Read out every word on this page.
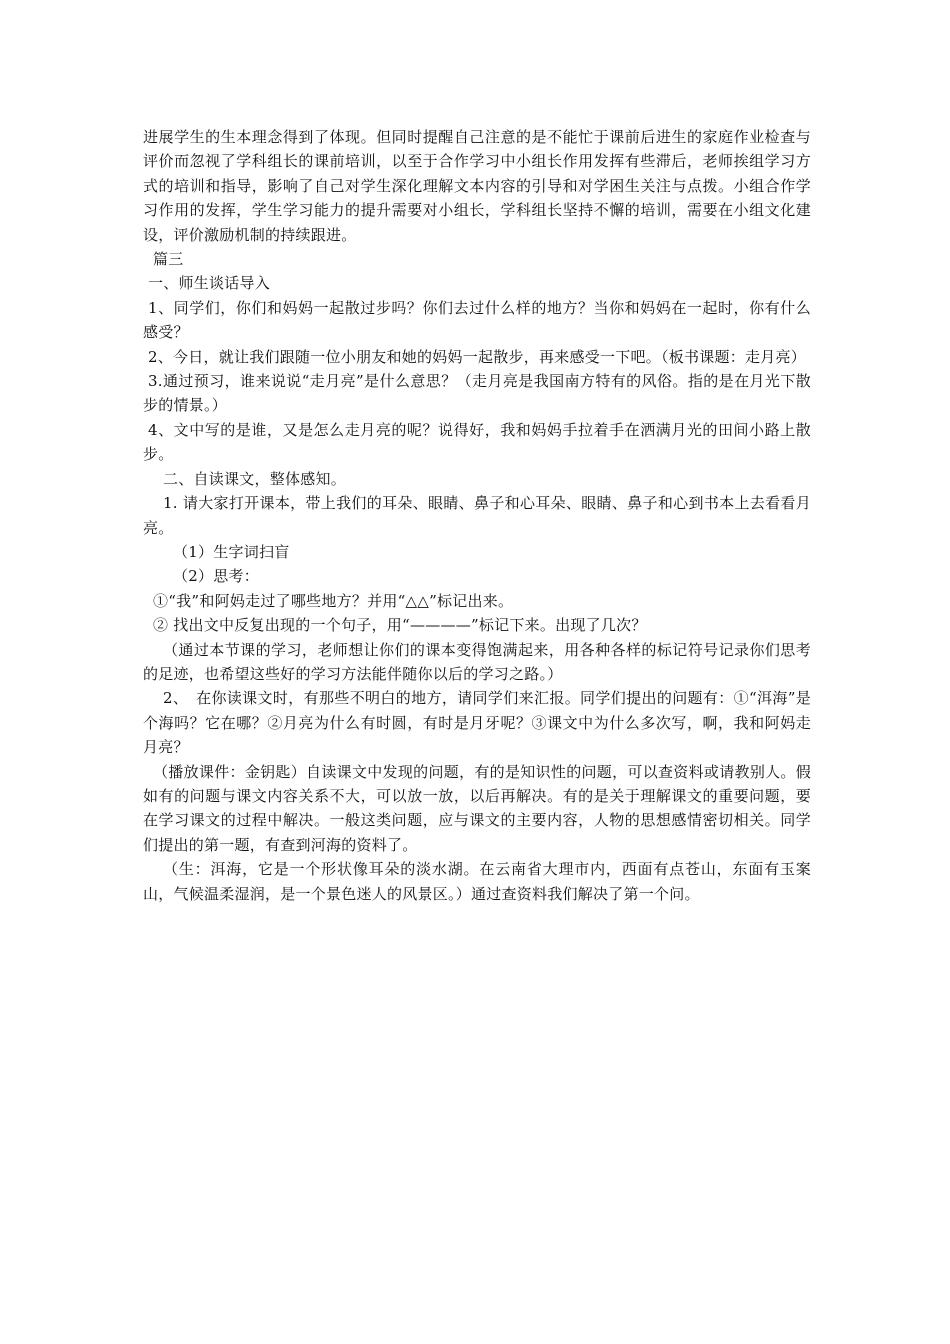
进展学生的生本理念得到了体现。但同时提醒自己注意的是不能忙于课前后进生的家庭作业检查与评价而忽视了学科组长的课前培训，以至于合作学习中小组长作用发挥有些滞后，老师挨组学习方式的培训和指导，影响了自己对学生深化理解文本内容的引导和对学困生关注与点拨。小组合作学习作用的发挥，学生学习能力的提升需要对小组长，学科组长坚持不懈的培训，需要在小组文化建设，评价激励机制的持续跟进。

篇三

一、师生谈话导入

1、同学们，你们和妈妈一起散过步吗？你们去过什么样的地方？当你和妈妈在一起时，你有什么感受？

2、今日，就让我们跟随一位小朋友和她的妈妈一起散步，再来感受一下吧。（板书课题：走月亮）

3.通过预习，谁来说说“走月亮”是什么意思？（走月亮是我国南方特有的风俗。指的是在月光下散步的情景。）

4、文中写的是谁，又是怎么走月亮的呢？说得好，我和妈妈手拉着手在洒满月光的田间小路上散步。

二、自读课文，整体感知。

1. 请大家打开课本，带上我们的耳朵、眼睛、鼻子和心耳朵、眼睛、鼻子和心到书本上去看看月亮。

（1）生字词扫盲

（2）思考：

①“我”和阿妈走过了哪些地方？并用“△△”标记出来。

② 找出文中反复出现的一个句子，用“————”标记下来。出现了几次？

（通过本节课的学习，老师想让你们的课本变得饱满起来，用各种各样的标记符号记录你们思考的足迹，也希望这些好的学习方法能伴随你以后的学习之路。）

2、　在你读课文时，有那些不明白的地方，请同学们来汇报。同学们提出的问题有：①“洱海”是个海吗？它在哪？②月亮为什么有时圆，有时是月牙呢？③课文中为什么多次写，啊，我和阿妈走月亮？

（播放课件：金钥匙）自读课文中发现的问题，有的是知识性的问题，可以查资料或请教别人。假如有的问题与课文内容关系不大，可以放一放，以后再解决。有的是关于理解课文的重要问题，要在学习课文的过程中解决。一般这类问题，应与课文的主要内容，人物的思想感情密切相关。同学们提出的第一题，有查到河海的资料了。

（生：洱海，它是一个形状像耳朵的淡水湖。在云南省大理市内，西面有点苍山，东面有玉案山，气候温柔湿润，是一个景色迷人的风景区。）通过查资料我们解决了第一个问。
